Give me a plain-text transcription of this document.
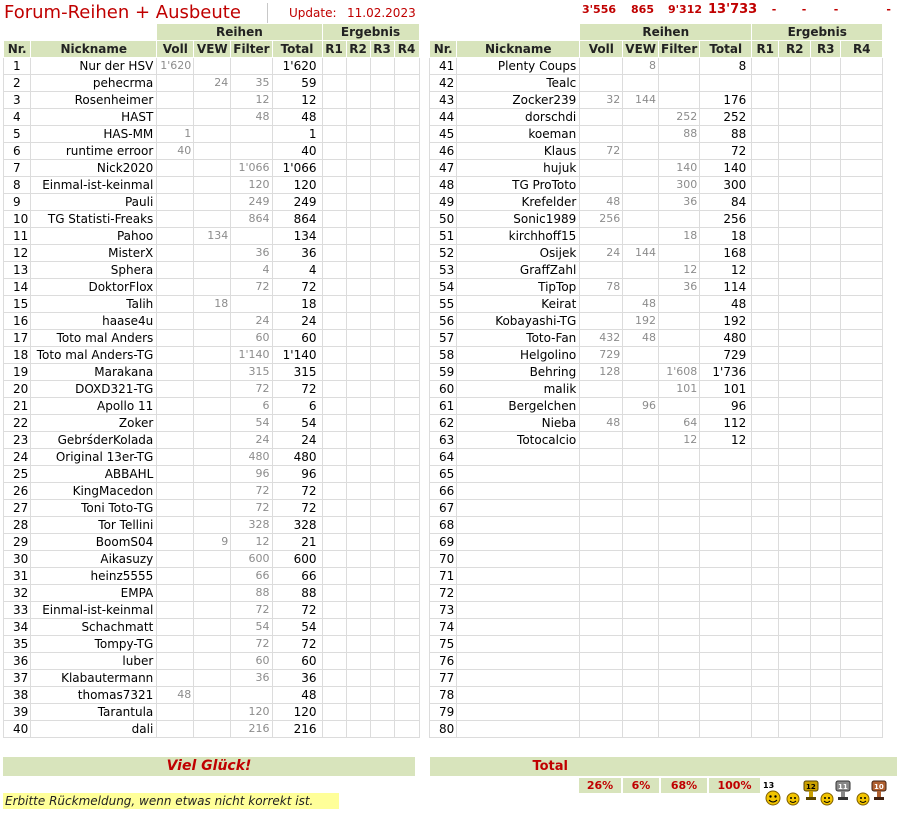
Forum-Reihen + Ausbeute	Update: 11.02.2023
		Reihen				Ergebnis			
Nr.	Nickname	Voll	VEW	Filter	Total	R1	R2	R3	R4
1	Nur der HSV	1'620			1'620				
2	pehecrma		24	35	59				
3	Rosenheimer			12	12				
4	HAST			48	48				
5	HAS-MM	1			1				
6	runtime erroor	40			40				
7	Nick2020			1'066	1'066				
8	Einmal-ist-keinmal			120	120				
9	Pauli			249	249				
10	TG Statisti-Freaks			864	864				
11	Pahoo		134		134				
12	MisterX			36	36				
13	Sphera			4	4				
14	DoktorFlox			72	72				
15	Talih		18		18				
16	haase4u			24	24				
17	Toto mal Anders			60	60				
18	Toto mal Anders-TG			1'140	1'140				
19	Marakana			315	315				
20	DOXD321-TG			72	72				
21	Apollo 11			6	6				
22	Zoker			54	54				
23	GebrśderKolada			24	24				
24	Original 13er-TG			480	480				
25	ABBAHL			96	96				
26	KingMacedon			72	72				
27	Toni Toto-TG			72	72				
28	Tor Tellini			328	328				
29	BoomS04		9	12	21				
30	Aikasuzy			600	600				
31	heinz5555			66	66				
32	EMPA			88	88				
33	Einmal-ist-keinmal			72	72				
34	Schachmatt			54	54				
35	Tompy-TG			72	72				
36	luber			60	60				
37	Klabautermann			36	36				
38	thomas7321	48			48				
39	Tarantula			120	120				
40	dali			216	216				
		Reihen				Ergebnis			
Nr.	Nickname	Voll	VEW	Filter	Total	R1	R2	R3	R4
41	Plenty Coups		8		8				
42	Tealc								
43	Zocker239	32	144		176				
44	dorschdi			252	252				
45	koeman			88	88				
46	Klaus	72			72				
47	hujuk			140	140				
48	TG ProToto			300	300				
49	Krefelder	48		36	84				
50	Sonic1989	256			256				
51	kirchhoff15			18	18				
52	Osijek	24	144		168				
53	GraffZahl			12	12				
54	TipTop	78		36	114				
55	Keirat		48		48				
56	Kobayashi-TG		192		192				
57	Toto-Fan	432	48		480				
58	Helgolino	729			729				
59	Behring	128		1'608	1'736				
60	malik			101	101				
61	Bergelchen		96		96				
62	Nieba	48		64	112				
63	Totocalcio			12	12				
64									
65									
66									
67									
68									
69									
70									
71									
72									
73									
74									
75									
76									
77									
78									
79									
80									
Viel Glück!	Total
3'556	865	9'312 13'733	-	-	-	-
26%	6%	68%	100%	13	12	11	10
Erbitte Rückmeldung, wenn etwas nicht korrekt ist.
